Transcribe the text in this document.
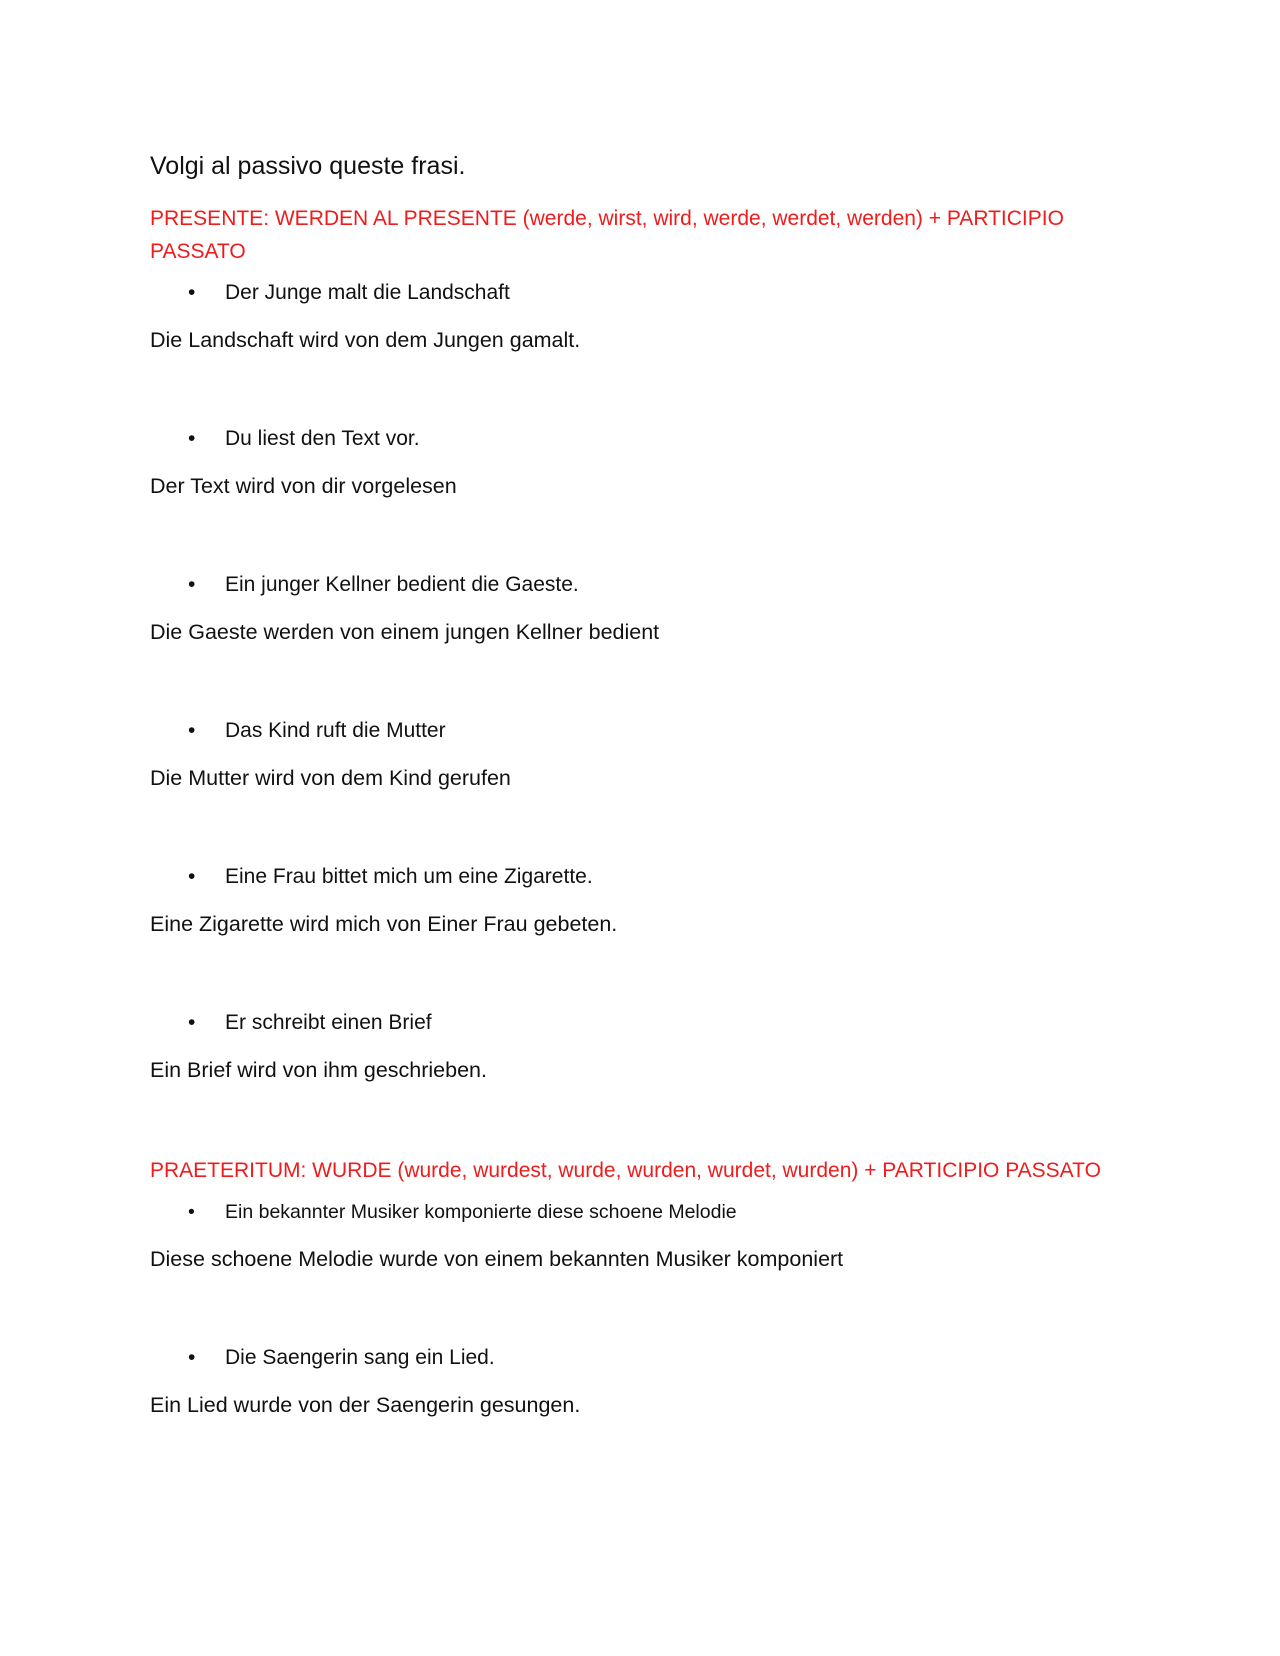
Volgi al passivo queste frasi.
PRESENTE: WERDEN AL PRESENTE (werde, wirst, wird, werde, werdet, werden) + PARTICIPIO PASSATO
• Der Junge malt die Landschaft
Die Landschaft wird von dem Jungen gamalt.
• Du liest den Text vor.
Der Text wird von dir vorgelesen
• Ein junger Kellner bedient die Gaeste.
Die Gaeste werden von einem jungen Kellner bedient
• Das Kind ruft die Mutter
Die Mutter wird von dem Kind gerufen
• Eine Frau bittet mich um eine Zigarette.
Eine Zigarette wird mich von Einer Frau gebeten.
• Er schreibt einen Brief
Ein Brief wird von ihm geschrieben.
PRAETERITUM: WURDE (wurde, wurdest, wurde, wurden, wurdet, wurden) + PARTICIPIO PASSATO
• Ein bekannter Musiker komponierte diese schoene Melodie
Diese schoene Melodie wurde von einem bekannten Musiker komponiert
• Die Saengerin sang ein Lied.
Ein Lied wurde von der Saengerin gesungen.
